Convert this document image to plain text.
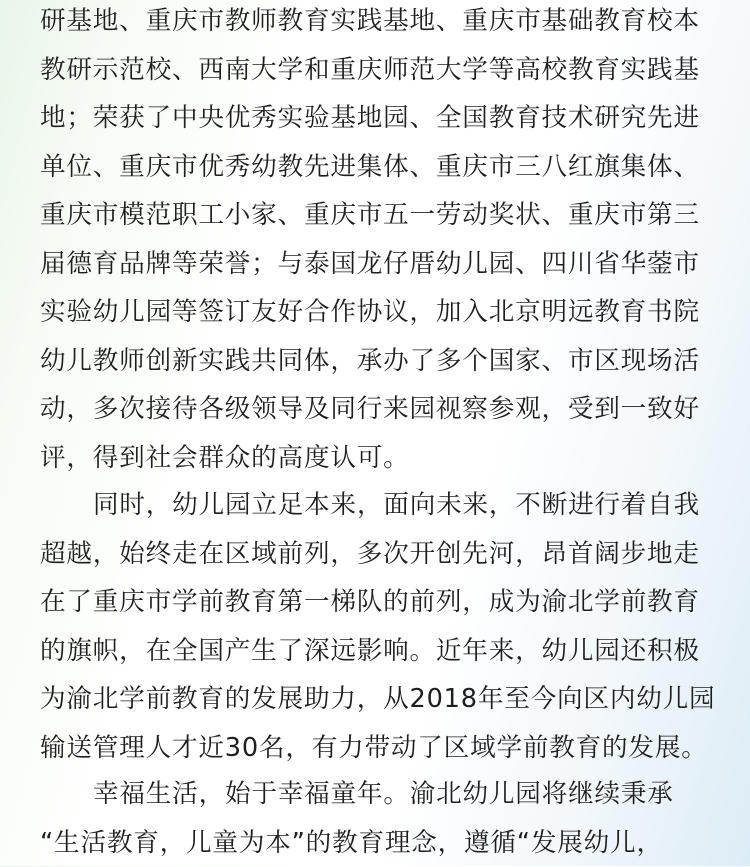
研基地、重庆市教师教育实践基地、重庆市基础教育校本
教研示范校、西南大学和重庆师范大学等高校教育实践基
地；荣获了中央优秀实验基地园、全国教育技术研究先进
单位、重庆市优秀幼教先进集体、重庆市三八红旗集体、
重庆市模范职工小家、重庆市五一劳动奖状、重庆市第三
届德育品牌等荣誉；与泰国龙仔厝幼儿园、四川省华蓥市
实验幼儿园等签订友好合作协议，加入北京明远教育书院
幼儿教师创新实践共同体，承办了多个国家、市区现场活
动，多次接待各级领导及同行来园视察参观，受到一致好
评，得到社会群众的高度认可。
同时，幼儿园立足本来，面向未来，不断进行着自我
超越，始终走在区域前列，多次开创先河，昂首阔步地走
在了重庆市学前教育第一梯队的前列，成为渝北学前教育
的旗帜，在全国产生了深远影响。近年来，幼儿园还积极
为渝北学前教育的发展助力，从2018年至今向区内幼儿园
输送管理人才近30名，有力带动了区域学前教育的发展。
幸福生活，始于幸福童年。渝北幼儿园将继续秉承
“生活教育，儿童为本”的教育理念，遵循“发展幼儿，
